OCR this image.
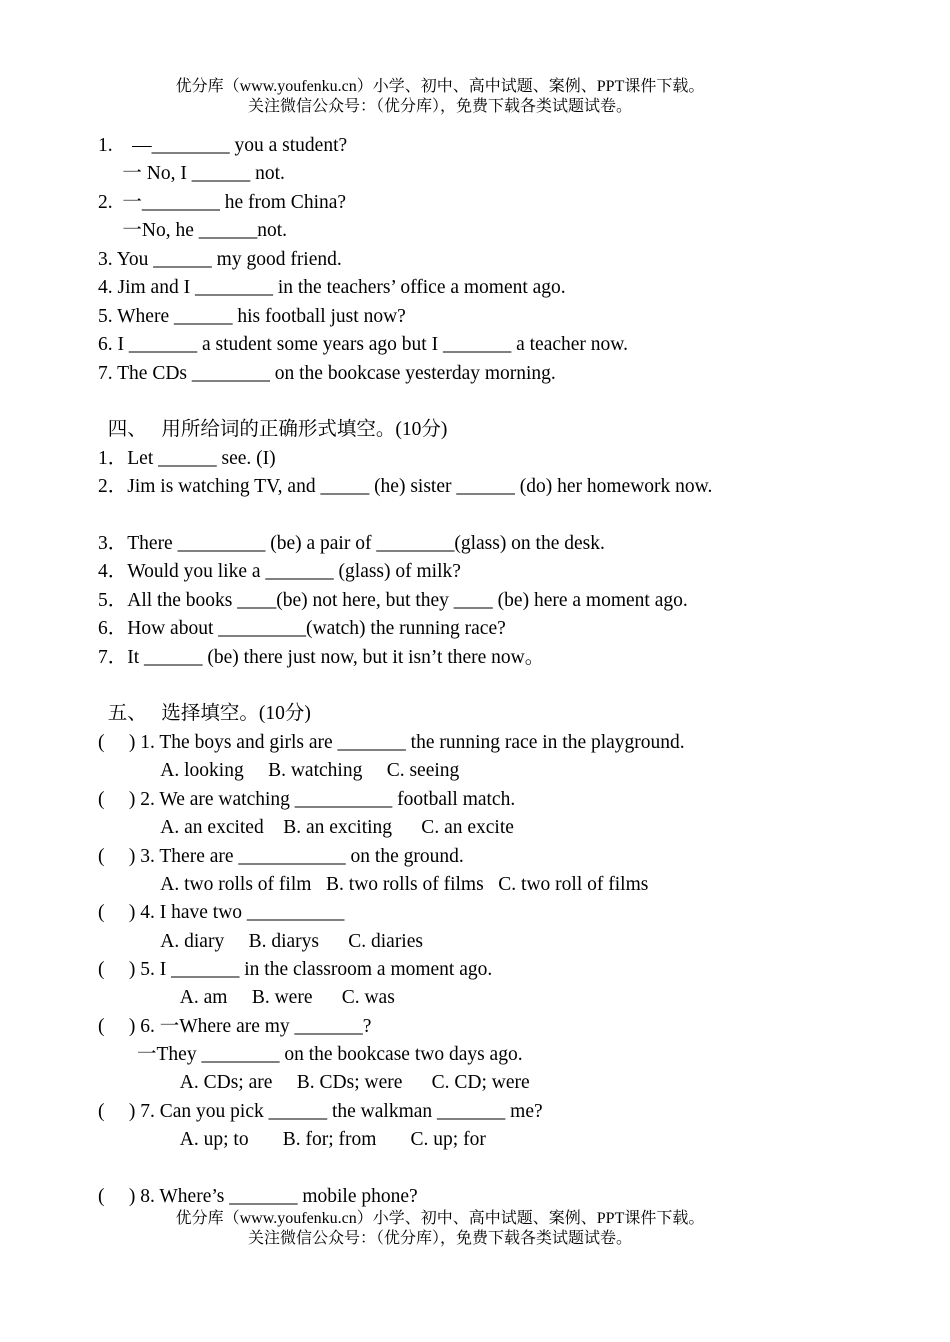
优分库（www.youfenku.cn）小学、初中、高中试题、案例、PPT课件下载。
关注微信公众号：（优分库），免费下载各类试题试卷。
1.    —________ you a student?
一 No, I ______ not.
2.  一________ he from China?
一No, he ______not.
3. You ______ my good friend.
4. Jim and I ________ in the teachers’ office a moment ago.
5. Where ______ his football just now?
6. I _______ a student some years ago but I _______ a teacher now.
7. The CDs ________ on the bookcase yesterday morning.
四、   用所给词的正确形式填空。(10分)
1．Let ______ see. (I)
2．Jim is watching TV, and _____ (he) sister ______ (do) her homework now.
3．There _________ (be) a pair of ________(glass) on the desk.
4．Would you like a _______ (glass) of milk?
5．All the books ____(be) not here, but they ____ (be) here a moment ago.
6．How about _________(watch) the running race?
7．It ______ (be) there just now, but it isn’t there now。
五、   选择填空。(10分)
(     ) 1. The boys and girls are _______ the running race in the playground.
A. looking     B. watching     C. seeing
(     ) 2. We are watching __________ football match.
A. an excited    B. an exciting      C. an excite
(     ) 3. There are ___________ on the ground.
A. two rolls of film   B. two rolls of films   C. two roll of films
(     ) 4. I have two __________
A. diary     B. diarys      C. diaries
(     ) 5. I _______ in the classroom a moment ago.
A. am     B. were      C. was
(     ) 6. 一Where are my _______?
一They ________ on the bookcase two days ago.
A. CDs; are     B. CDs; were      C. CD; were
(     ) 7. Can you pick ______ the walkman _______ me?
A. up; to       B. for; from       C. up; for
(     ) 8. Where’s _______ mobile phone?
优分库（www.youfenku.cn）小学、初中、高中试题、案例、PPT课件下载。
关注微信公众号：（优分库），免费下载各类试题试卷。
